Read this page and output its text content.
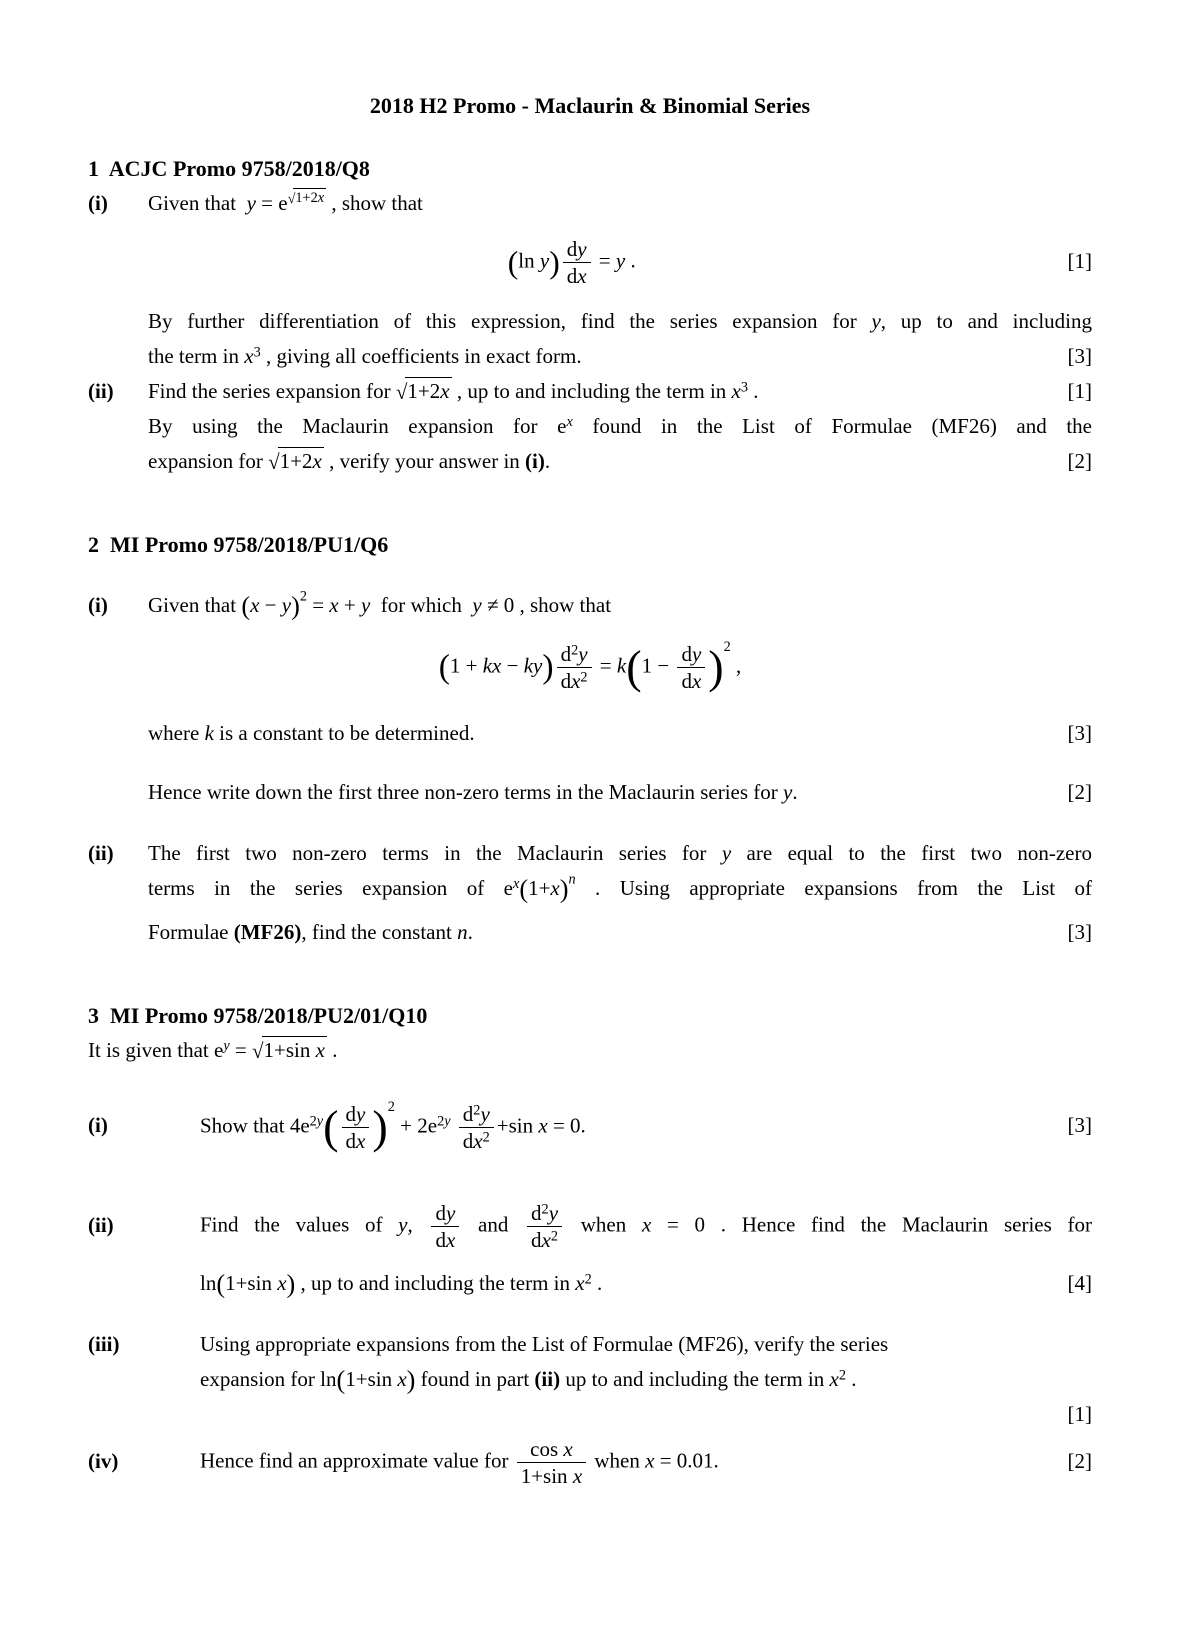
2018 H2 Promo - Maclaurin & Binomial Series
1  ACJC Promo 9758/2018/Q8
(i)	Given that  $y = e^{√1+2x}$ , show that
(ln $y) \frac{dy}{dx} = y$ .	[1]
By further differentiation of this expression, find the series expansion for y, up to and including
the term in $x^3$ , giving all coefficients in exact form.	[3]
(ii)	Find the series expansion for √1+2x , up to and including the term in $x^3$ .	[1]
By using the Maclaurin expansion for $e^x$ found in the List of Formulae (MF26) and the
expansion for √1+2x , verify your answer in (i).	[2]
2  MI Promo 9758/2018/PU1/Q6
(i)	Given that $(x - y)^2 = x + y$  for which  y ≠ 0 , show that
(1 + kx − $ky) \frac{d^2y}{dx^2} = k(1 - \frac{dy}{dx} )^2$ ,
where k is a constant to be determined.	[3]
Hence write down the first three non-zero terms in the Maclaurin series for y.	[2]
(ii)	The first two non-zero terms in the Maclaurin series for y are equal to the first two non-zero
terms in the series expansion of $e^x(1+x)^n$ . Using appropriate expansions from the List of
Formulae (MF26), find the constant n.	[3]
3  MI Promo 9758/2018/PU2/01/Q10
It is given that $e^y = √1+\sin$ x .
(i)	Show that $4e^{2y}( \frac{dy}{dx} )^2 + 2e^{2y} \frac{d^2y}{dx^2} +\sin$ x = 0.	[3]
(ii)	Find the values of y, $\frac{dy}{dx}$ and $\frac{d^2y}{dx^2}$ when x = 0 . Hence find the Maclaurin series for
ln(1+sin x) , up to and including the term in $x^2$ .	[4]
(iii)	Using appropriate expansions from the List of Formulae (MF26), verify the series
expansion for ln(1+sin x) found in part (ii) up to and including the term in $x^2$ .
[1]
(iv)	Hence find an approximate value for $\frac{\text{cos x}}{\text{1+sin x}}$ when x = 0.01.	[2]
